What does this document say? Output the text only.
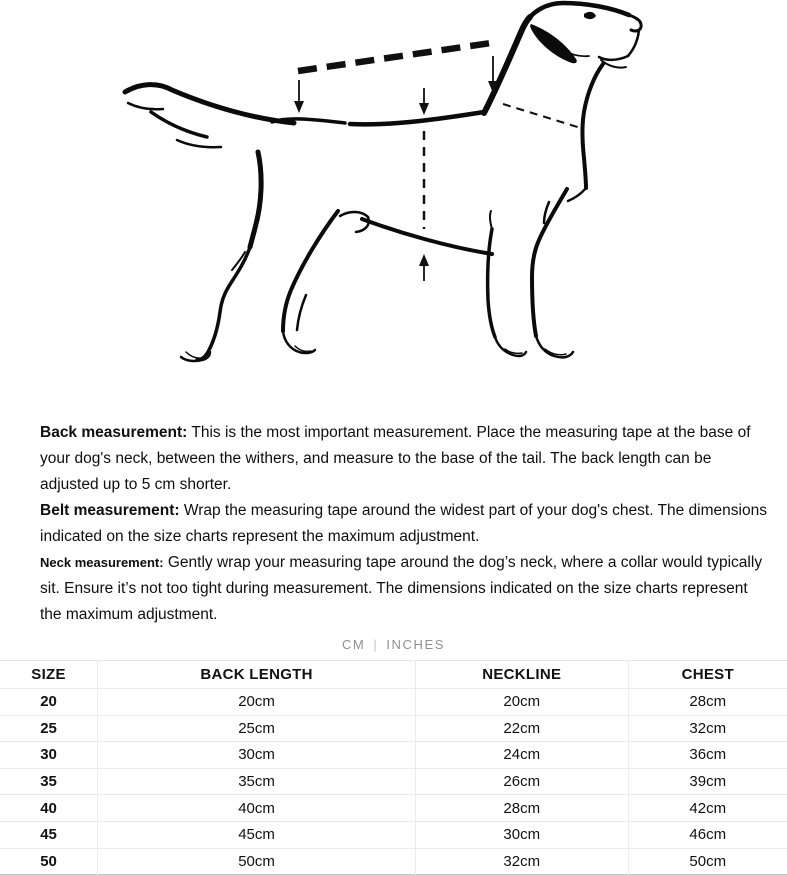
Back measurement: This is the most important measurement. Place the measuring tape at the base of your dog's neck, between the withers, and measure to the base of the tail. The back length can be adjusted up to 5 cm shorter.

Belt measurement: Wrap the measuring tape around the widest part of your dog's chest. The dimensions indicated on the size charts represent the maximum adjustment.

Neck measurement: Gently wrap your measuring tape around the dog’s neck, where a collar would typically sit. Ensure it’s not too tight during measurement. The dimensions indicated on the size charts represent the maximum adjustment.

CM | INCHES
SIZE	BACK LENGTH	NECKLINE	CHEST
20	20cm	20cm	28cm
25	25cm	22cm	32cm
30	30cm	24cm	36cm
35	35cm	26cm	39cm
40	40cm	28cm	42cm
45	45cm	30cm	46cm
50	50cm	32cm	50cm
